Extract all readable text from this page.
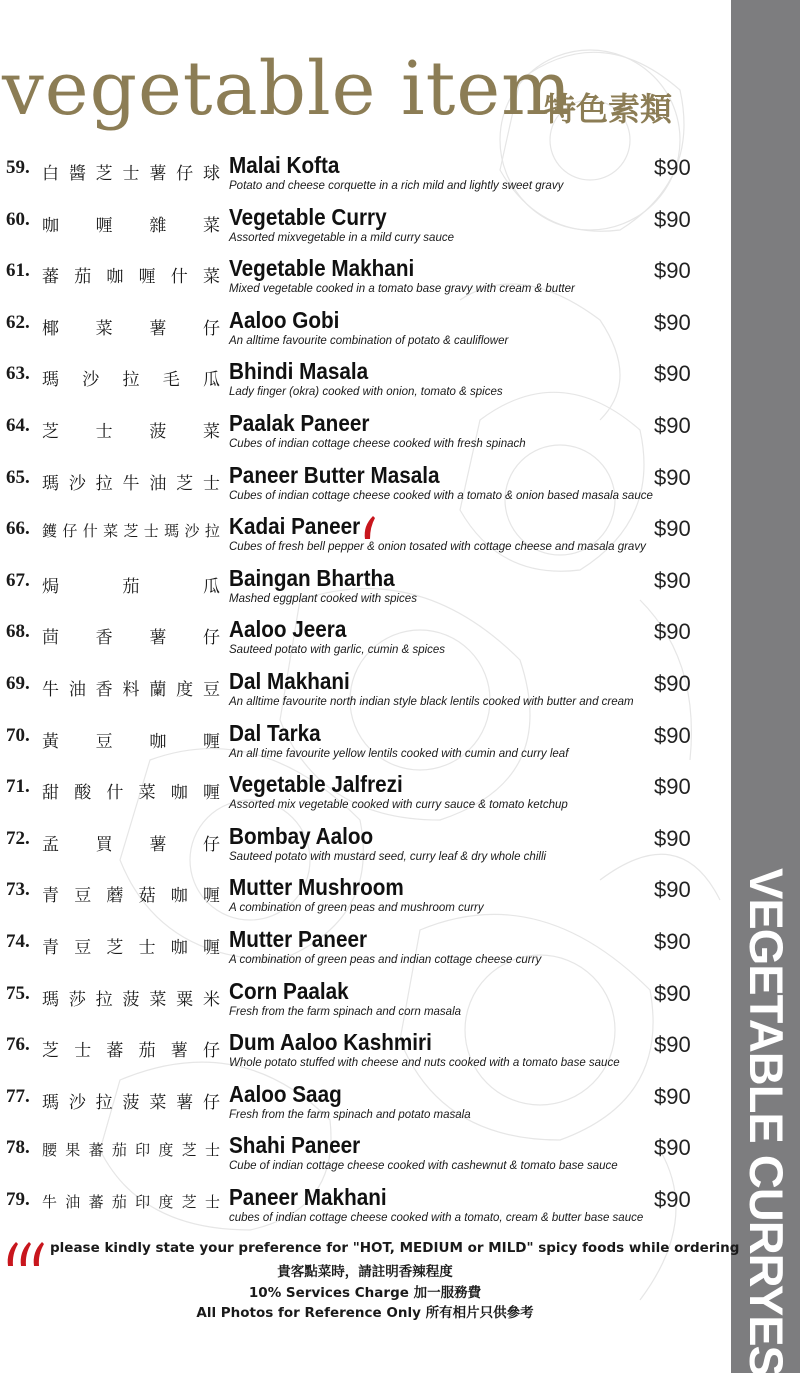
VEGETABLE CURRYES
vegetable item
特色素類
59. 白 醬 芝 士 薯 仔 球 Malai Kofta
Potato and cheese corquette in a rich mild and lightly sweet gravy
$90
60. 咖 喱 雜 菜 Vegetable Curry
Assorted mixvegetable in a mild curry sauce
$90
61. 蕃 茄 咖 喱 什 菜 Vegetable Makhani
Mixed vegetable cooked in a tomato base gravy with cream & butter
$90
62. 椰 菜 薯 仔 Aaloo Gobi
An alltime favourite combination of potato & cauliflower
$90
63. 瑪 沙 拉 毛 瓜 Bhindi Masala
Lady finger (okra) cooked with onion, tomato & spices
$90
64. 芝 士 菠 菜 Paalak Paneer
Cubes of indian cottage cheese cooked with fresh spinach
$90
65. 瑪 沙 拉 牛 油 芝 士 Paneer Butter Masala
Cubes of indian cottage cheese cooked with a tomato & onion based masala sauce
$90
66. 鑊 仔 什 菜 芝 士 瑪 沙 拉 Kadai Paneer
Cubes of fresh bell pepper & onion tosated with cottage cheese and masala gravy
$90
67. 焗	茄	瓜 Baingan Bhartha
Mashed eggplant cooked with spices
$90
68. 茴 香 薯 仔 Aaloo Jeera
Sauteed potato with garlic, cumin & spices
$90
69. 牛 油 香 料 蘭 度 豆 Dal Makhani
An alltime favourite north indian style black lentils cooked with butter and cream
$90
70. 黃 豆 咖 喱 Dal Tarka
An all time favourite yellow lentils cooked with cumin and curry leaf
$90
71. 甜 酸 什 菜 咖 喱 Vegetable Jalfrezi
Assorted mix vegetable cooked with curry sauce & tomato ketchup
$90
72. 孟 買 薯 仔 Bombay Aaloo
Sauteed potato with mustard seed, curry leaf & dry whole chilli
$90
73. 青 豆 蘑 菇 咖 喱 Mutter Mushroom
A combination of green peas and mushroom curry
$90
74. 青 豆 芝 士 咖 喱 Mutter Paneer
A combination of green peas and indian cottage cheese curry
$90
75. 瑪 莎 拉 菠 菜 粟 米 Corn Paalak
Fresh from the farm spinach and corn masala
$90
76. 芝 士 蕃 茄 薯 仔 Dum Aaloo Kashmiri
Whole potato stuffed with cheese and nuts cooked with a tomato base sauce
$90
77. 瑪 沙 拉 菠 菜 薯 仔 Aaloo Saag
Fresh from the farm spinach and potato masala
$90
78. 腰 果 蕃 茄 印 度 芝 士 Shahi Paneer
Cube of indian cottage cheese cooked with cashewnut & tomato base sauce
$90
79. 牛 油 蕃 茄 印 度 芝 士 Paneer Makhani
cubes of indian cottage cheese cooked with a tomato, cream & butter base sauce
$90
please kindly state your preference for "HOT, MEDIUM or MILD" spicy foods while ordering
貴客點菜時，請註明香辣程度
10% Services Charge 加一服務費
All Photos for Reference Only 所有相片只供參考
